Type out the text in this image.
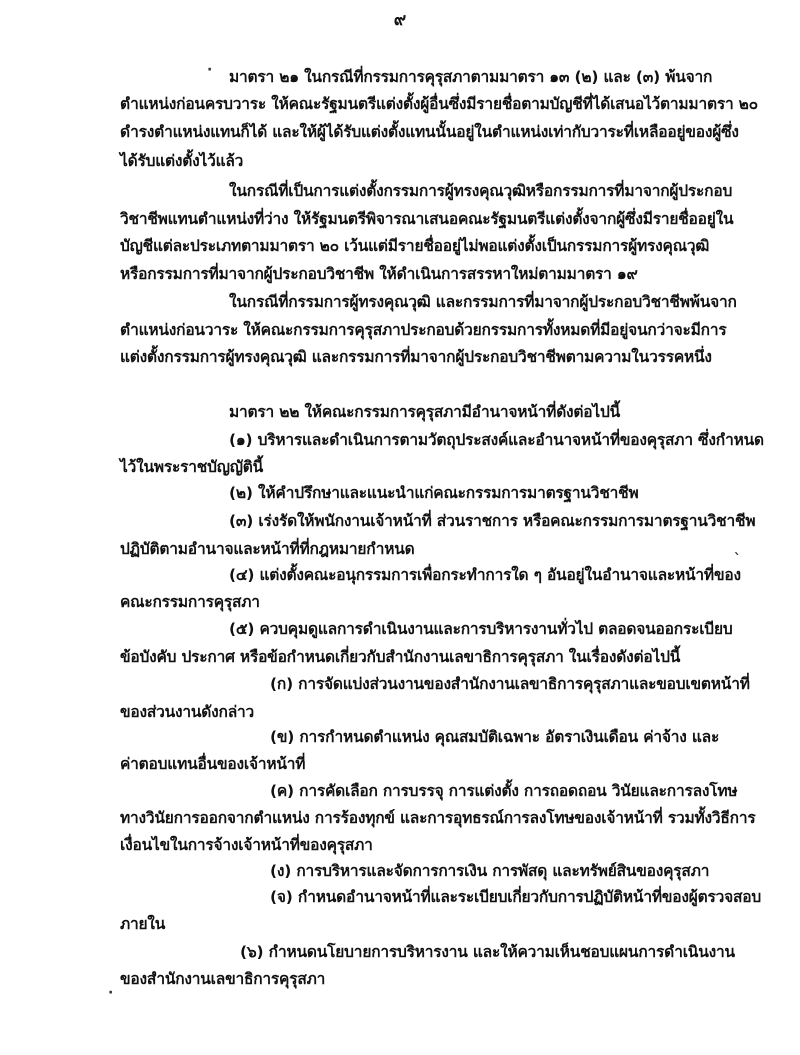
๙
·
`
·
มาตรา ๒๑ ในกรณีที่กรรมการคุรุสภาตามมาตรา ๑๓ (๒) และ (๓) พ้นจาก
ตำแหน่งก่อนครบวาระ ให้คณะรัฐมนตรีแต่งตั้งผู้อื่นซึ่งมีรายชื่อตามบัญชีที่ได้เสนอไว้ตามมาตรา ๒๐
ดำรงตำแหน่งแทนก็ได้ และให้ผู้ได้รับแต่งตั้งแทนนั้นอยู่ในตำแหน่งเท่ากับวาระที่เหลืออยู่ของผู้ซึ่ง
ได้รับแต่งตั้งไว้แล้ว
ในกรณีที่เป็นการแต่งตั้งกรรมการผู้ทรงคุณวุฒิหรือกรรมการที่มาจากผู้ประกอบ
วิชาชีพแทนตำแหน่งที่ว่าง ให้รัฐมนตรีพิจารณาเสนอคณะรัฐมนตรีแต่งตั้งจากผู้ซึ่งมีรายชื่ออยู่ใน
บัญชีแต่ละประเภทตามมาตรา ๒๐ เว้นแต่มีรายชื่ออยู่ไม่พอแต่งตั้งเป็นกรรมการผู้ทรงคุณวุฒิ
หรือกรรมการที่มาจากผู้ประกอบวิชาชีพ ให้ดำเนินการสรรหาใหม่ตามมาตรา ๑๙
ในกรณีที่กรรมการผู้ทรงคุณวุฒิ และกรรมการที่มาจากผู้ประกอบวิชาชีพพ้นจาก
ตำแหน่งก่อนวาระ ให้คณะกรรมการคุรุสภาประกอบด้วยกรรมการทั้งหมดที่มีอยู่จนกว่าจะมีการ
แต่งตั้งกรรมการผู้ทรงคุณวุฒิ และกรรมการที่มาจากผู้ประกอบวิชาชีพตามความในวรรคหนึ่ง
มาตรา ๒๒ ให้คณะกรรมการคุรุสภามีอำนาจหน้าที่ดังต่อไปนี้
(๑) บริหารและดำเนินการตามวัตถุประสงค์และอำนาจหน้าที่ของคุรุสภา ซึ่งกำหนด
ไว้ในพระราชบัญญัตินี้
(๒) ให้คำปรึกษาและแนะนำแก่คณะกรรมการมาตรฐานวิชาชีพ
(๓) เร่งรัดให้พนักงานเจ้าหน้าที่ ส่วนราชการ หรือคณะกรรมการมาตรฐานวิชาชีพ
ปฏิบัติตามอำนาจและหน้าที่ที่กฎหมายกำหนด
(๔) แต่งตั้งคณะอนุกรรมการเพื่อกระทำการใด ๆ อันอยู่ในอำนาจและหน้าที่ของ
คณะกรรมการคุรุสภา
(๕) ควบคุมดูแลการดำเนินงานและการบริหารงานทั่วไป ตลอดจนออกระเบียบ
ข้อบังคับ ประกาศ หรือข้อกำหนดเกี่ยวกับสำนักงานเลขาธิการคุรุสภา ในเรื่องดังต่อไปนี้
(ก) การจัดแบ่งส่วนงานของสำนักงานเลขาธิการคุรุสภาและขอบเขตหน้าที่
ของส่วนงานดังกล่าว
(ข) การกำหนดตำแหน่ง คุณสมบัติเฉพาะ อัตราเงินเดือน ค่าจ้าง และ
ค่าตอบแทนอื่นของเจ้าหน้าที่
(ค) การคัดเลือก การบรรจุ การแต่งตั้ง การถอดถอน วินัยและการลงโทษ
ทางวินัยการออกจากตำแหน่ง การร้องทุกข์ และการอุทธรณ์การลงโทษของเจ้าหน้าที่ รวมทั้งวิธีการ
เงื่อนไขในการจ้างเจ้าหน้าที่ของคุรุสภา
(ง) การบริหารและจัดการการเงิน การพัสดุ และทรัพย์สินของคุรุสภา
(จ) กำหนดอำนาจหน้าที่และระเบียบเกี่ยวกับการปฏิบัติหน้าที่ของผู้ตรวจสอบ
ภายใน
(๖) กำหนดนโยบายการบริหารงาน และให้ความเห็นชอบแผนการดำเนินงาน
ของสำนักงานเลขาธิการคุรุสภา
